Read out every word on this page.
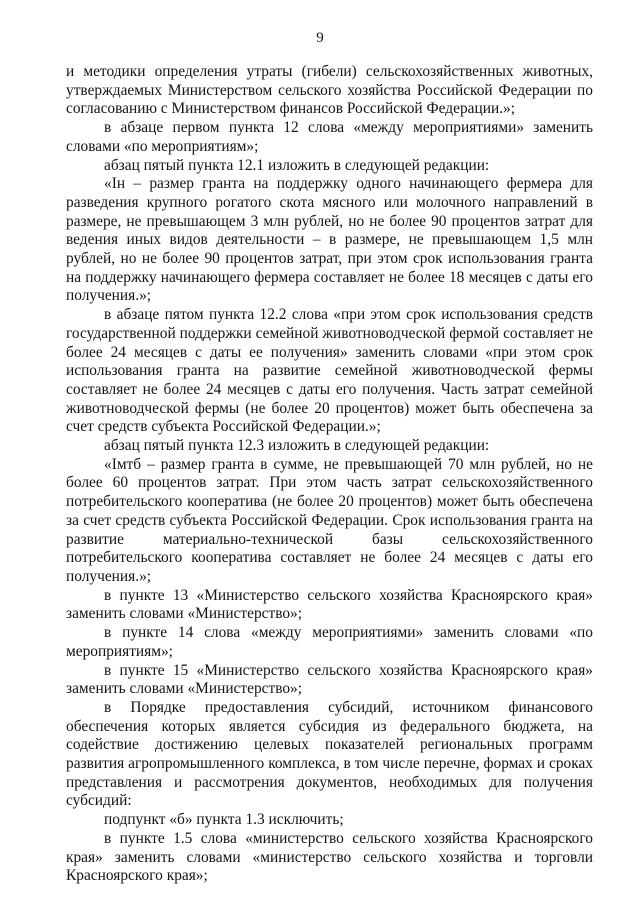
9

и методики определения утраты (гибели) сельскохозяйственных животных, утверждаемых Министерством сельского хозяйства Российской Федерации по согласованию с Министерством финансов Российской Федерации.»;

в абзаце первом пункта 12 слова «между мероприятиями» заменить словами «по мероприятиям»;

абзац пятый пункта 12.1 изложить в следующей редакции:

«Iн – размер гранта на поддержку одного начинающего фермера для разведения крупного рогатого скота мясного или молочного направлений в размере, не превышающем 3 млн рублей, но не более 90 процентов затрат для ведения иных видов деятельности – в размере, не превышающем 1,5 млн рублей, но не более 90 процентов затрат, при этом срок использования гранта на поддержку начинающего фермера составляет не более 18 месяцев с даты его получения.»;

в абзаце пятом пункта 12.2 слова «при этом срок использования средств государственной поддержки семейной животноводческой фермой составляет не более 24 месяцев с даты ее получения» заменить словами «при этом срок использования гранта на развитие семейной животноводческой фермы составляет не более 24 месяцев с даты его получения. Часть затрат семейной животноводческой фермы (не более 20 процентов) может быть обеспечена за счет средств субъекта Российской Федерации.»;

абзац пятый пункта 12.3 изложить в следующей редакции:

«Iмтб – размер гранта в сумме, не превышающей 70 млн рублей, но не более 60 процентов затрат. При этом часть затрат сельскохозяйственного потребительского кооператива (не более 20 процентов) может быть обеспечена за счет средств субъекта Российской Федерации. Срок использования гранта на развитие материально-технической базы сельскохозяйственного потребительского кооператива составляет не более 24 месяцев с даты его получения.»;

в пункте 13 «Министерство сельского хозяйства Красноярского края» заменить словами «Министерство»;

в пункте 14 слова «между мероприятиями» заменить словами «по мероприятиям»;

в пункте 15 «Министерство сельского хозяйства Красноярского края» заменить словами «Министерство»;

в Порядке предоставления субсидий, источником финансового обеспечения которых является субсидия из федерального бюджета, на содействие достижению целевых показателей региональных программ развития агропромышленного комплекса, в том числе перечне, формах и сроках представления и рассмотрения документов, необходимых для получения субсидий:

подпункт «б» пункта 1.3 исключить;

в пункте 1.5 слова «министерство сельского хозяйства Красноярского края» заменить словами «министерство сельского хозяйства и торговли Красноярского края»;
